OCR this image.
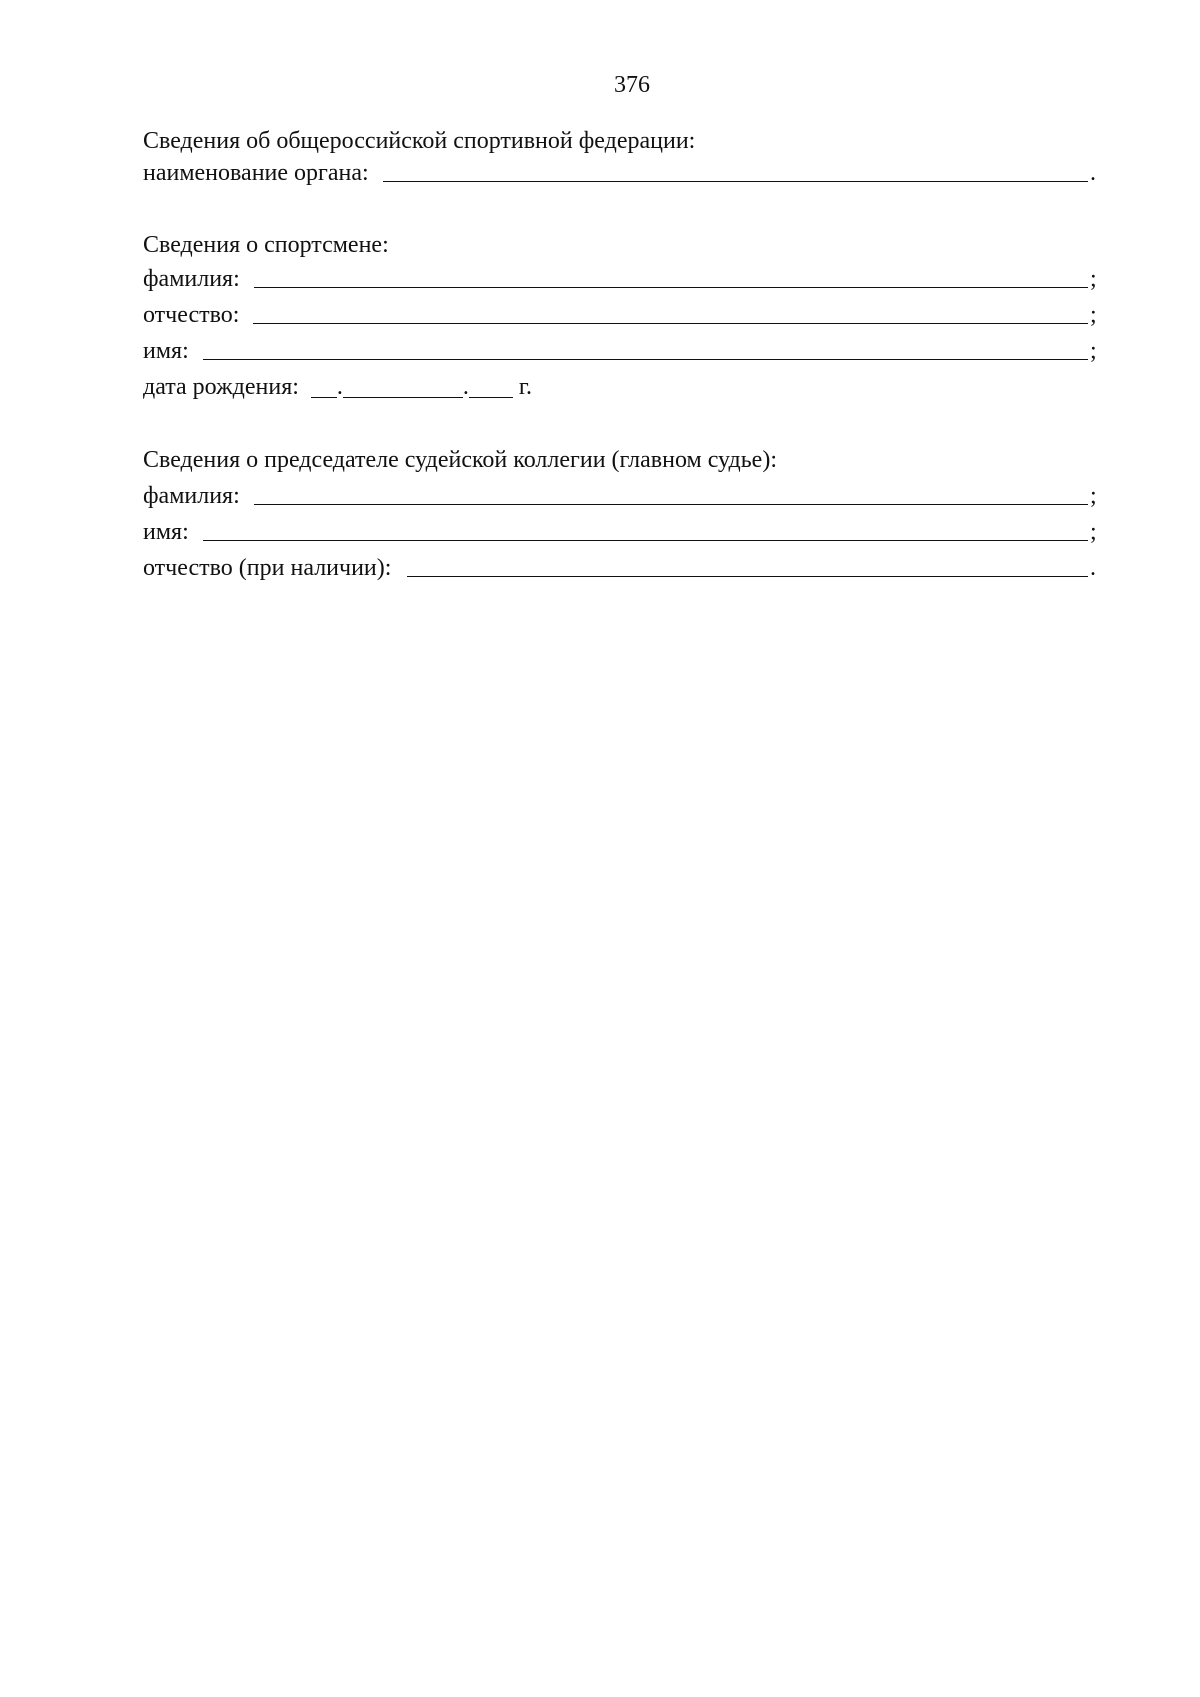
376
Сведения об общероссийской спортивной федерации:
наименование органа:	.
Сведения о спортсмене:
фамилия:	;
отчество:	;
имя:	;
дата рождения: .	. г.
Сведения о председателе судейской коллегии (главном судье):
фамилия:	;
имя:	;
отчество (при наличии):	.
